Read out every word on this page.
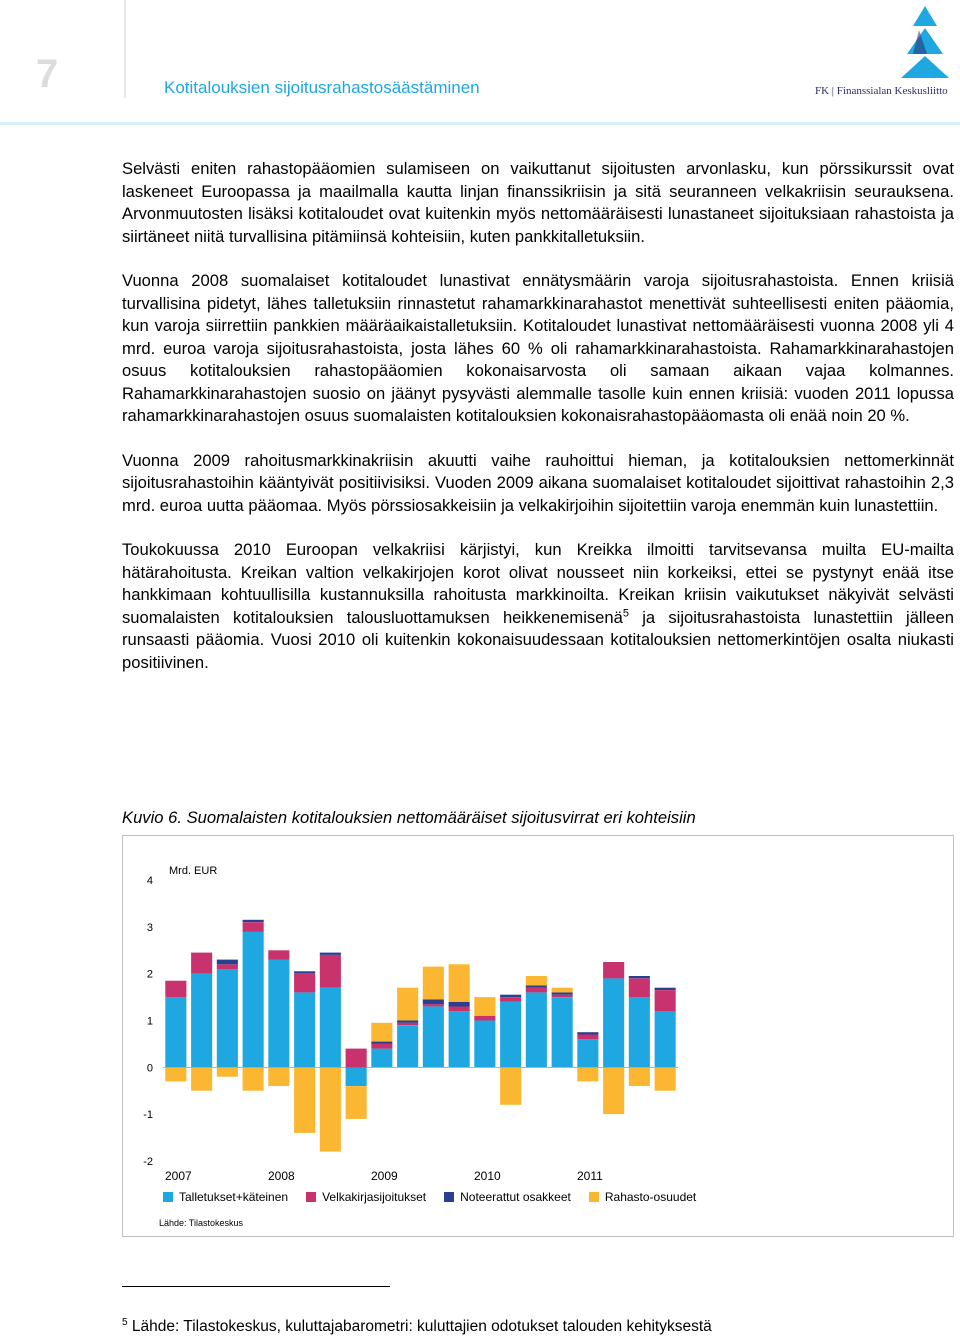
7	Kotitalouksien sijoitusrahastosäästäminen	FK | Finanssialan Keskusliitto

Selvästi eniten rahastopääomien sulamiseen on vaikuttanut sijoitusten arvonlasku, kun pörssikurssit ovat laskeneet Euroopassa ja maailmalla kautta linjan finanssikriisin ja sitä seuranneen velkakriisin seurauksena. Arvonmuutosten lisäksi kotitaloudet ovat kuitenkin myös nettomääräisesti lunastaneet sijoituksiaan rahastoista ja siirtäneet niitä turvallisina pitämiinsä kohteisiin, kuten pankkitalletuksiin.

Vuonna 2008 suomalaiset kotitaloudet lunastivat ennätysmäärin varoja sijoitusrahastoista. Ennen kriisiä turvallisina pidetyt, lähes talletuksiin rinnastetut rahamarkkinarahastot menettivät suhteellisesti eniten pääomia, kun varoja siirrettiin pankkien määräaikaistalletuksiin. Kotitaloudet lunastivat nettomääräisesti vuonna 2008 yli 4 mrd. euroa varoja sijoitusrahastoista, josta lähes 60 % oli rahamarkkinarahastoista. Rahamarkkinarahastojen osuus kotitalouksien rahastopääomien kokonaisarvosta oli samaan aikaan vajaa kolmannes. Rahamarkkinarahastojen suosio on jäänyt pysyvästi alemmalle tasolle kuin ennen kriisiä: vuoden 2011 lopussa rahamarkkinarahastojen osuus suomalaisten kotitalouksien kokonaisrahastopääomasta oli enää noin 20 %.

Vuonna 2009 rahoitusmarkkinakriisin akuutti vaihe rauhoittui hieman, ja kotitalouksien nettomerkinnät sijoitusrahastoihin kääntyivät positiivisiksi. Vuoden 2009 aikana suomalaiset kotitaloudet sijoittivat rahastoihin 2,3 mrd. euroa uutta pääomaa. Myös pörssiosakkeisiin ja velkakirjoihin sijoitettiin varoja enemmän kuin lunastettiin.

Toukokuussa 2010 Euroopan velkakriisi kärjistyi, kun Kreikka ilmoitti tarvitsevansa muilta EU-mailta hätärahoitusta. Kreikan valtion velkakirjojen korot olivat nousseet niin korkeiksi, ettei se pystynyt enää itse hankkimaan kohtuullisilla kustannuksilla rahoitusta markkinoilta. Kreikan kriisin vaikutukset näkyivät selvästi suomalaisten kotitalouksien talousluottamuksen heikkenemisenä$^5$ ja sijoitusrahastoista lunastettiin jälleen runsaasti pääomia. Vuosi 2010 oli kuitenkin kokonaisuudessaan kotitalouksien nettomerkintöjen osalta niukasti positiivinen.

Kuvio 6. Suomalaisten kotitalouksien nettomääräiset sijoitusvirrat eri kohteisiin
4
3
2
1
0
-1
-2
2007	2008	2009	2010	2011
Mrd. EUR
Talletukset+käteinen	Velkakirjasijoitukset	Noteerattut osakkeet	Rahasto-osuudet
Lähde: Tilastokeskus
$^5$ Lähde: Tilastokeskus, kuluttajabarometri: kuluttajien odotukset talouden kehityksestä
